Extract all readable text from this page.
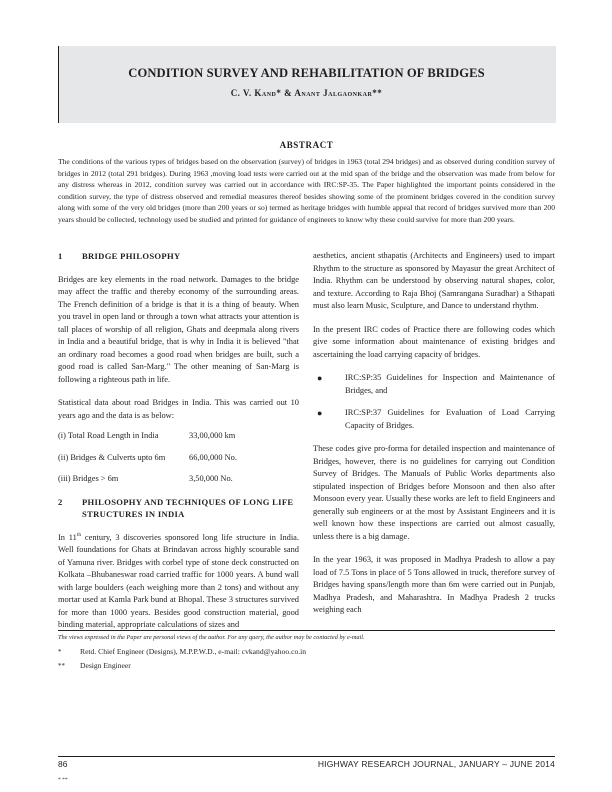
CONDITION SURVEY AND REHABILITATION OF BRIDGES
C. V. Kand* & Anant Jalgaonkar**
ABSTRACT

The conditions of the various types of bridges based on the observation (survey) of bridges in 1963 (total 294 bridges) and as observed during condition survey of bridges in 2012 (total 291 bridges). During 1963 ,moving load tests were carried out at the mid span of the bridge and the observation was made from below for any distress whereas in 2012, condition survey was carried out in accordance with IRC:SP-35. The Paper highlighted the important points considered in the condition survey, the type of distress observed and remedial measures thereof besides showing some of the prominent bridges covered in the condition survey along with some of the very old bridges (more than 200 years or so) termed as heritage bridges with humble appeal that record of bridges survived more than 200 years should be collected, technology used be studied and printed for guidance of engineers to know why these could survive for more than 200 years.

1	BRIDGE PHILOSOPHY

Bridges are key elements in the road network. Damages to the bridge may affect the traffic and thereby economy of the surrounding areas. The French definition of a bridge is that it is a thing of beauty. When you travel in open land or through a town what attracts your attention is tall places of worship of all religion, Ghats and deepmala along rivers in India and a beautiful bridge, that is why in India it is believed "that an ordinary road becomes a good road when bridges are built, such a good road is called San-Marg." The other meaning of San-Marg is following a righteous path in life.

Statistical data about road Bridges in India. This was carried out 10 years ago and the data is as below:

(i) Total Road Length in India	33,00,000 km
(ii) Bridges & Culverts upto 6m	66,00,000 No.
(iii) Bridges > 6m	3,50,000 No.
2	PHILOSOPHY AND TECHNIQUES OF LONG LIFE STRUCTURES IN INDIA

In 11th century, 3 discoveries sponsored long life structure in India. Well foundations for Ghats at Brindavan across highly scourable sand of Yamuna river. Bridges with corbel type of stone deck constructed on Kolkata –Bhubaneswar road carried traffic for 1000 years. A bund wall with large boulders (each weighing more than 2 tons) and without any mortar used at Kamla Park bund at Bhopal. These 3 structures survived for more than 1000 years. Besides good construction material, good binding material, appropriate calculations of sizes and

aesthetics, ancient sthapatis (Architects and Engineers) used to impart Rhythm to the structure as sponsored by Mayasur the great Architect of India. Rhythm can be understood by observing natural shapes, color, and texture. According to Raja Bhoj (Samrangana Suradhar) a Sthapati must also learn Music, Sculpture, and Dance to understand rhythm.

In the present IRC codes of Practice there are following codes which give some information about maintenance of existing bridges and ascertaining the load carrying capacity of bridges.

●	IRC:SP:35 Guidelines for Inspection and Maintenance of Bridges, and
●	IRC:SP:37 Guidelines for Evaluation of Load Carrying Capacity of Bridges.

These codes give pro-forma for detailed inspection and maintenance of Bridges, however, there is no guidelines for carrying out Condition Survey of Bridges. The Manuals of Public Works departments also stipulated inspection of Bridges before Monsoon and then also after Monsoon every year. Usually these works are left to field Engineers and generally sub engineers or at the most by Assistant Engineers and it is well known how these inspections are carried out almost casually, unless there is a big damage.

In the year 1963, it was proposed in Madhya Pradesh to allow a pay load of 7.5 Tons in place of 5 Tons allowed in truck, therefore survey of Bridges having spans/length more than 6m were carried out in Punjab, Madhya Pradesh, and Maharashtra. In Madhya Pradesh 2 trucks weighing each

The views expressed in the Paper are personal views of the author. For any query, the author may be contacted by e-mail.
*	Retd. Chief Engineer (Designs), M.P.P.W.D., e-mail: cvkand@yahoo.co.in
**	Design Engineer
86	HIGHWAY RESEARCH JOURNAL, JANUARY – JUNE 2014
* **
